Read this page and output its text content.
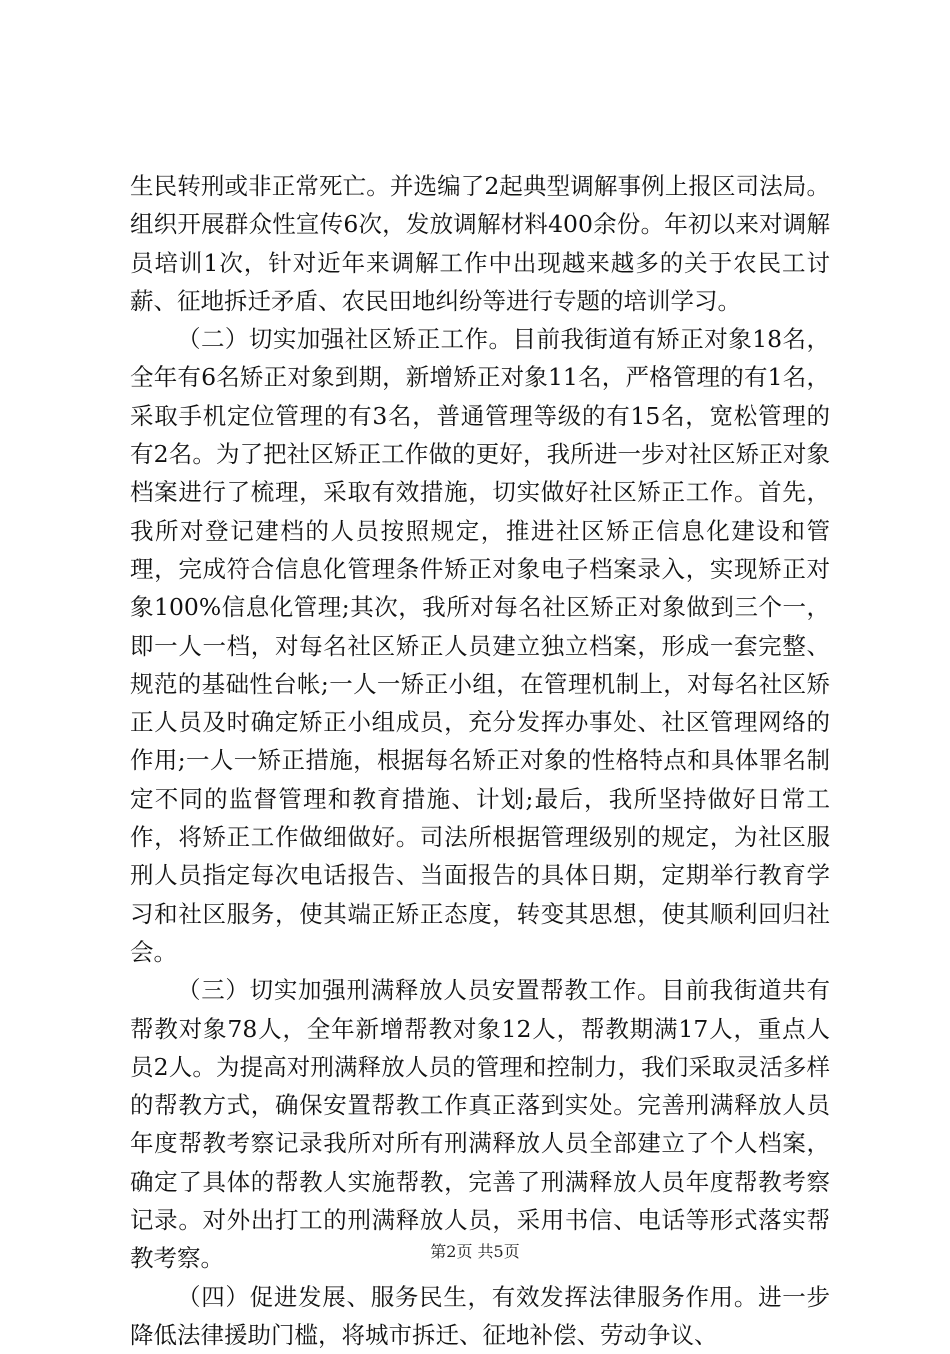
生民转刑或非正常死亡。并选编了2起典型调解事例上报区司法局。组织开展群众性宣传6次，发放调解材料400余份。年初以来对调解员培训1次，针对近年来调解工作中出现越来越多的关于农民工讨薪、征地拆迁矛盾、农民田地纠纷等进行专题的培训学习。

（二）切实加强社区矫正工作。目前我街道有矫正对象18名，全年有6名矫正对象到期，新增矫正对象11名，严格管理的有1名，采取手机定位管理的有3名，普通管理等级的有15名，宽松管理的有2名。为了把社区矫正工作做的更好，我所进一步对社区矫正对象档案进行了梳理，采取有效措施，切实做好社区矫正工作。首先，我所对登记建档的人员按照规定，推进社区矫正信息化建设和管理，完成符合信息化管理条件矫正对象电子档案录入，实现矫正对象100%信息化管理;其次，我所对每名社区矫正对象做到三个一，即一人一档，对每名社区矫正人员建立独立档案，形成一套完整、规范的基础性台帐;一人一矫正小组，在管理机制上，对每名社区矫正人员及时确定矫正小组成员，充分发挥办事处、社区管理网络的作用;一人一矫正措施，根据每名矫正对象的性格特点和具体罪名制定不同的监督管理和教育措施、计划;最后，我所坚持做好日常工作，将矫正工作做细做好。司法所根据管理级别的规定，为社区服刑人员指定每次电话报告、当面报告的具体日期，定期举行教育学习和社区服务，使其端正矫正态度，转变其思想，使其顺利回归社会。

（三）切实加强刑满释放人员安置帮教工作。目前我街道共有帮教对象78人，全年新增帮教对象12人，帮教期满17人，重点人员2人。为提高对刑满释放人员的管理和控制力，我们采取灵活多样的帮教方式，确保安置帮教工作真正落到实处。完善刑满释放人员年度帮教考察记录我所对所有刑满释放人员全部建立了个人档案，确定了具体的帮教人实施帮教，完善了刑满释放人员年度帮教考察记录。对外出打工的刑满释放人员，采用书信、电话等形式落实帮教考察。

（四）促进发展、服务民生，有效发挥法律服务作用。进一步降低法律援助门槛，将城市拆迁、征地补偿、劳动争议、

第2页 共5页
